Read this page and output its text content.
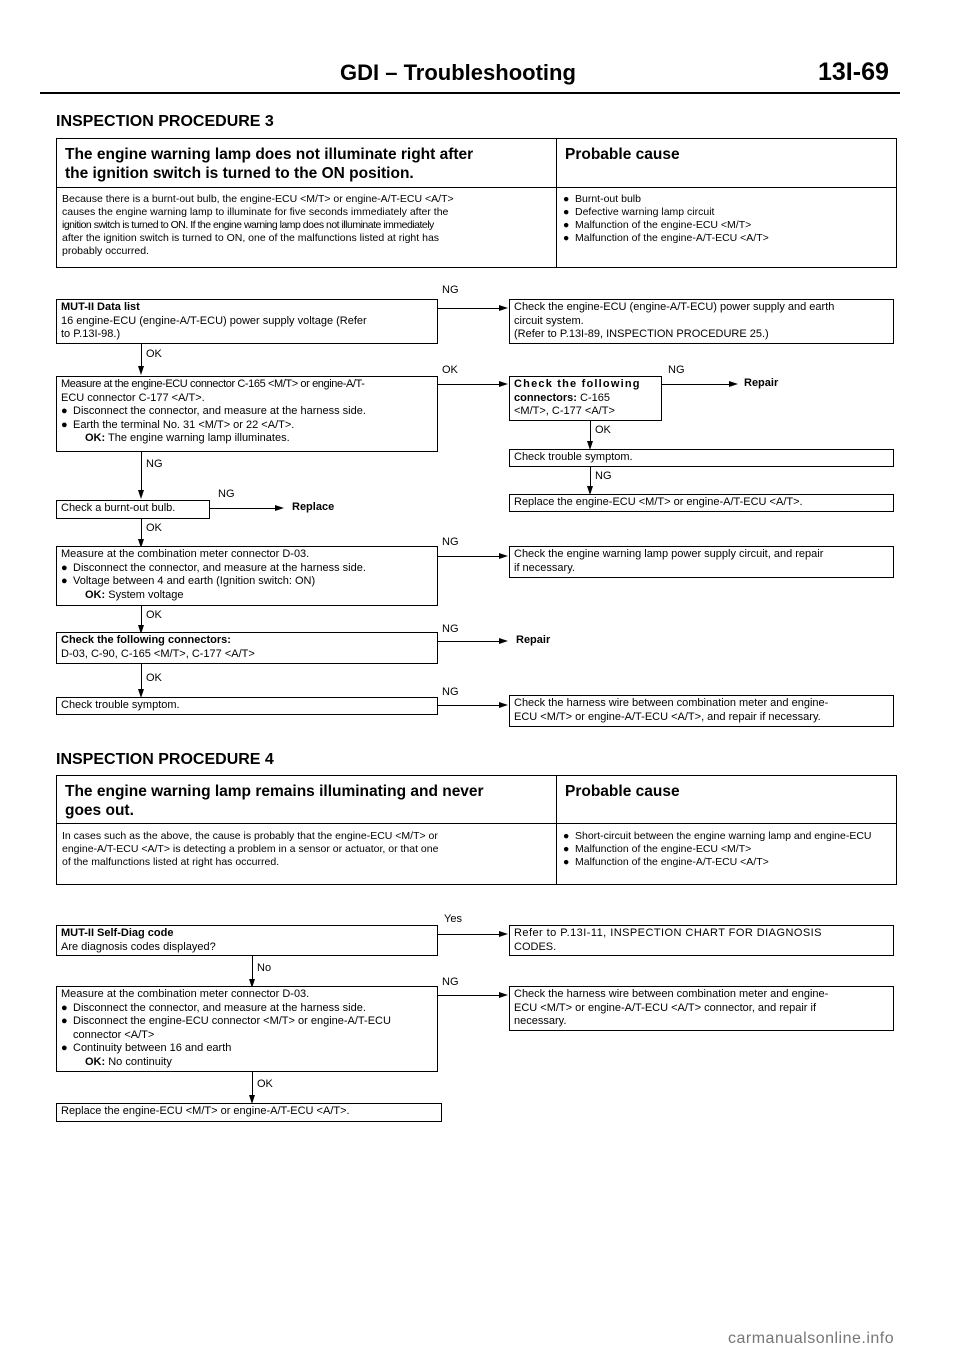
GDI – Troubleshooting	13I-69
INSPECTION PROCEDURE 3
The engine warning lamp does not illuminate right after
the ignition switch is turned to the ON position.
Probable cause
Because there is a burnt-out bulb, the engine-ECU <M/T> or engine-A/T-ECU <A/T>
causes the engine warning lamp to illuminate for five seconds immediately after the
ignition switch is turned to ON. If the engine warning lamp does not illuminate immediately
after the ignition switch is turned to ON, one of the malfunctions listed at right has
probably occurred.
● Burnt-out bulb
● Defective warning lamp circuit
● Malfunction of the engine-ECU <M/T>
● Malfunction of the engine-A/T-ECU <A/T>
MUT-II Data list
16 engine-ECU (engine-A/T-ECU) power supply voltage (Refer
to P.13I-98.)
NG
Check the engine-ECU (engine-A/T-ECU) power supply and earth
circuit system.
(Refer to P.13I-89, INSPECTION PROCEDURE 25.)
OK
Measure at the engine-ECU connector C-165 <M/T> or engine-A/T-
ECU connector C-177 <A/T>.
● Disconnect the connector, and measure at the harness side.
● Earth the terminal No. 31 <M/T> or 22 <A/T>.
OK: The engine warning lamp illuminates.
OK
Check the following
connectors: C-165
<M/T>, C-177 <A/T>
NG
Repair
OK
Check trouble symptom.
NG
Replace the engine-ECU <M/T> or engine-A/T-ECU <A/T>.
NG
Check a burnt-out bulb.
NG
Replace
OK
Measure at the combination meter connector D-03.
● Disconnect the connector, and measure at the harness side.
● Voltage between 4 and earth (Ignition switch: ON)
OK: System voltage
NG
Check the engine warning lamp power supply circuit, and repair
if necessary.
OK
Check the following connectors:
D-03, C-90, C-165 <M/T>, C-177 <A/T>
NG
Repair
OK
Check trouble symptom.
NG
Check the harness wire between combination meter and engine-
ECU <M/T> or engine-A/T-ECU <A/T>, and repair if necessary.
INSPECTION PROCEDURE 4
The engine warning lamp remains illuminating and never
goes out.
Probable cause
In cases such as the above, the cause is probably that the engine-ECU <M/T> or
engine-A/T-ECU <A/T> is detecting a problem in a sensor or actuator, or that one
of the malfunctions listed at right has occurred.
● Short-circuit between the engine warning lamp and engine-ECU
● Malfunction of the engine-ECU <M/T>
● Malfunction of the engine-A/T-ECU <A/T>
MUT-II Self-Diag code
Are diagnosis codes displayed?
Yes
Refer to P.13I-11, INSPECTION CHART FOR DIAGNOSIS
CODES.
No
Measure at the combination meter connector D-03.
● Disconnect the connector, and measure at the harness side.
● Disconnect the engine-ECU connector <M/T> or engine-A/T-ECU connector <A/T>
● Continuity between 16 and earth
OK: No continuity
NG
Check the harness wire between combination meter and engine-
ECU <M/T> or engine-A/T-ECU <A/T> connector, and repair if
necessary.
OK
Replace the engine-ECU <M/T> or engine-A/T-ECU <A/T>.
carmanualsonline.info
